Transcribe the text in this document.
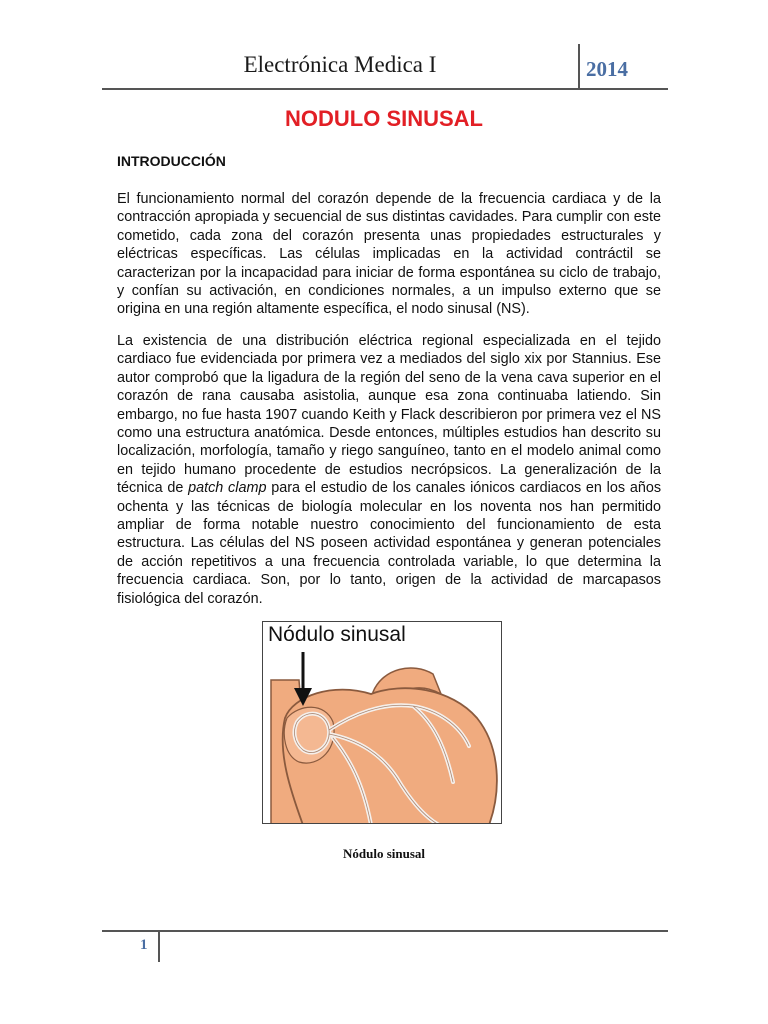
Electrónica Medica I	2014
NODULO SINUSAL
INTRODUCCIÓN

El funcionamiento normal del corazón depende de la frecuencia cardiaca y de la contracción apropiada y secuencial de sus distintas cavidades. Para cumplir con este cometido, cada zona del corazón presenta unas propiedades estructurales y eléctricas específicas. Las células implicadas en la actividad contráctil se caracterizan por la incapacidad para iniciar de forma espontánea su ciclo de trabajo, y confían su activación, en condiciones normales, a un impulso externo que se origina en una región altamente específica, el nodo sinusal (NS).

La existencia de una distribución eléctrica regional especializada en el tejido cardiaco fue evidenciada por primera vez a mediados del siglo xix por Stannius. Ese autor comprobó que la ligadura de la región del seno de la vena cava superior en el corazón de rana causaba asistolia, aunque esa zona continuaba latiendo. Sin embargo, no fue hasta 1907 cuando Keith y Flack describieron por primera vez el NS como una estructura anatómica. Desde entonces, múltiples estudios han descrito su localización, morfología, tamaño y riego sanguíneo, tanto en el modelo animal como en tejido humano procedente de estudios necrópsicos. La generalización de la técnica de patch clamp para el estudio de los canales iónicos cardiacos en los años ochenta y las técnicas de biología molecular en los noventa nos han permitido ampliar de forma notable nuestro conocimiento del funcionamiento de esta estructura. Las células del NS poseen actividad espontánea y generan potenciales de acción repetitivos a una frecuencia controlada variable, lo que determina la frecuencia cardiaca. Son, por lo tanto, origen de la actividad de marcapasos fisiológica del corazón.

Nódulo sinusal
Nódulo sinusal
1
